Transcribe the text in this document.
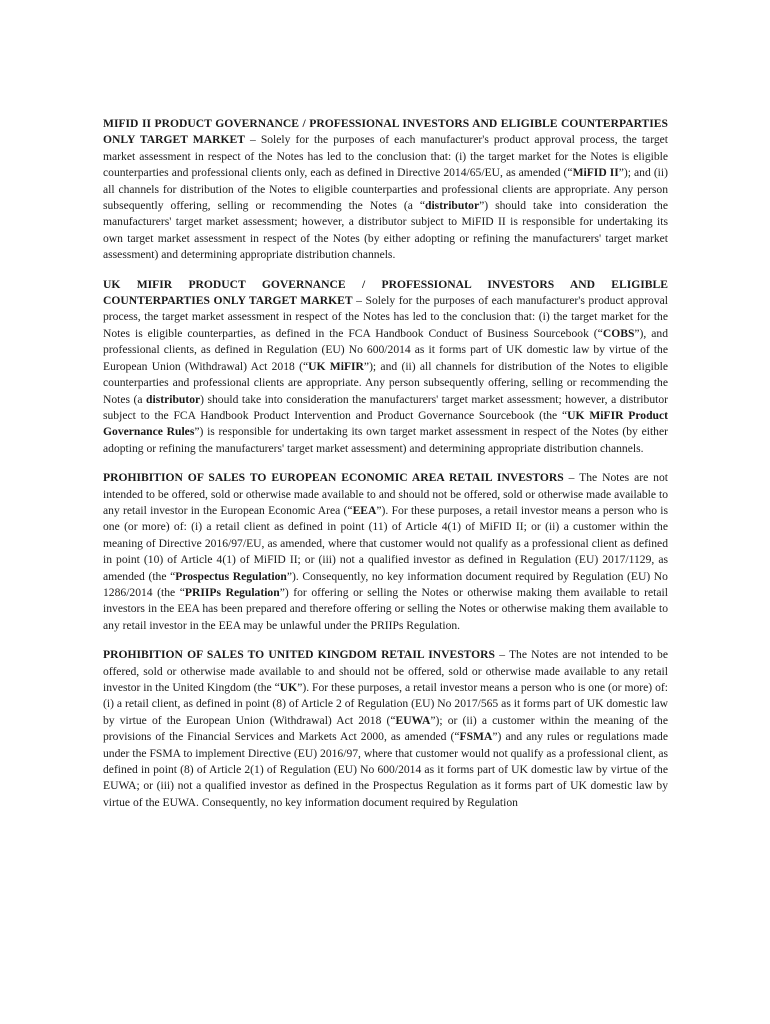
MIFID II PRODUCT GOVERNANCE / PROFESSIONAL INVESTORS AND ELIGIBLE COUNTERPARTIES ONLY TARGET MARKET – Solely for the purposes of each manufacturer's product approval process, the target market assessment in respect of the Notes has led to the conclusion that: (i) the target market for the Notes is eligible counterparties and professional clients only, each as defined in Directive 2014/65/EU, as amended (“MiFID II”); and (ii) all channels for distribution of the Notes to eligible counterparties and professional clients are appropriate. Any person subsequently offering, selling or recommending the Notes (a “distributor”) should take into consideration the manufacturers' target market assessment; however, a distributor subject to MiFID II is responsible for undertaking its own target market assessment in respect of the Notes (by either adopting or refining the manufacturers' target market assessment) and determining appropriate distribution channels.

UK MIFIR PRODUCT GOVERNANCE / PROFESSIONAL INVESTORS AND ELIGIBLE COUNTERPARTIES ONLY TARGET MARKET – Solely for the purposes of each manufacturer's product approval process, the target market assessment in respect of the Notes has led to the conclusion that: (i) the target market for the Notes is eligible counterparties, as defined in the FCA Handbook Conduct of Business Sourcebook (“COBS”), and professional clients, as defined in Regulation (EU) No 600/2014 as it forms part of UK domestic law by virtue of the European Union (Withdrawal) Act 2018 (“UK MiFIR”); and (ii) all channels for distribution of the Notes to eligible counterparties and professional clients are appropriate. Any person subsequently offering, selling or recommending the Notes (a distributor) should take into consideration the manufacturers' target market assessment; however, a distributor subject to the FCA Handbook Product Intervention and Product Governance Sourcebook (the “UK MiFIR Product Governance Rules”) is responsible for undertaking its own target market assessment in respect of the Notes (by either adopting or refining the manufacturers' target market assessment) and determining appropriate distribution channels.

PROHIBITION OF SALES TO EUROPEAN ECONOMIC AREA RETAIL INVESTORS – The Notes are not intended to be offered, sold or otherwise made available to and should not be offered, sold or otherwise made available to any retail investor in the European Economic Area (“EEA”). For these purposes, a retail investor means a person who is one (or more) of: (i) a retail client as defined in point (11) of Article 4(1) of MiFID II; or (ii) a customer within the meaning of Directive 2016/97/EU, as amended, where that customer would not qualify as a professional client as defined in point (10) of Article 4(1) of MiFID II; or (iii) not a qualified investor as defined in Regulation (EU) 2017/1129, as amended (the “Prospectus Regulation”). Consequently, no key information document required by Regulation (EU) No 1286/2014 (the “PRIIPs Regulation”) for offering or selling the Notes or otherwise making them available to retail investors in the EEA has been prepared and therefore offering or selling the Notes or otherwise making them available to any retail investor in the EEA may be unlawful under the PRIIPs Regulation.

PROHIBITION OF SALES TO UNITED KINGDOM RETAIL INVESTORS – The Notes are not intended to be offered, sold or otherwise made available to and should not be offered, sold or otherwise made available to any retail investor in the United Kingdom (the “UK”). For these purposes, a retail investor means a person who is one (or more) of: (i) a retail client, as defined in point (8) of Article 2 of Regulation (EU) No 2017/565 as it forms part of UK domestic law by virtue of the European Union (Withdrawal) Act 2018 (“EUWA”); or (ii) a customer within the meaning of the provisions of the Financial Services and Markets Act 2000, as amended (“FSMA”) and any rules or regulations made under the FSMA to implement Directive (EU) 2016/97, where that customer would not qualify as a professional client, as defined in point (8) of Article 2(1) of Regulation (EU) No 600/2014 as it forms part of UK domestic law by virtue of the EUWA; or (iii) not a qualified investor as defined in the Prospectus Regulation as it forms part of UK domestic law by virtue of the EUWA. Consequently, no key information document required by Regulation
